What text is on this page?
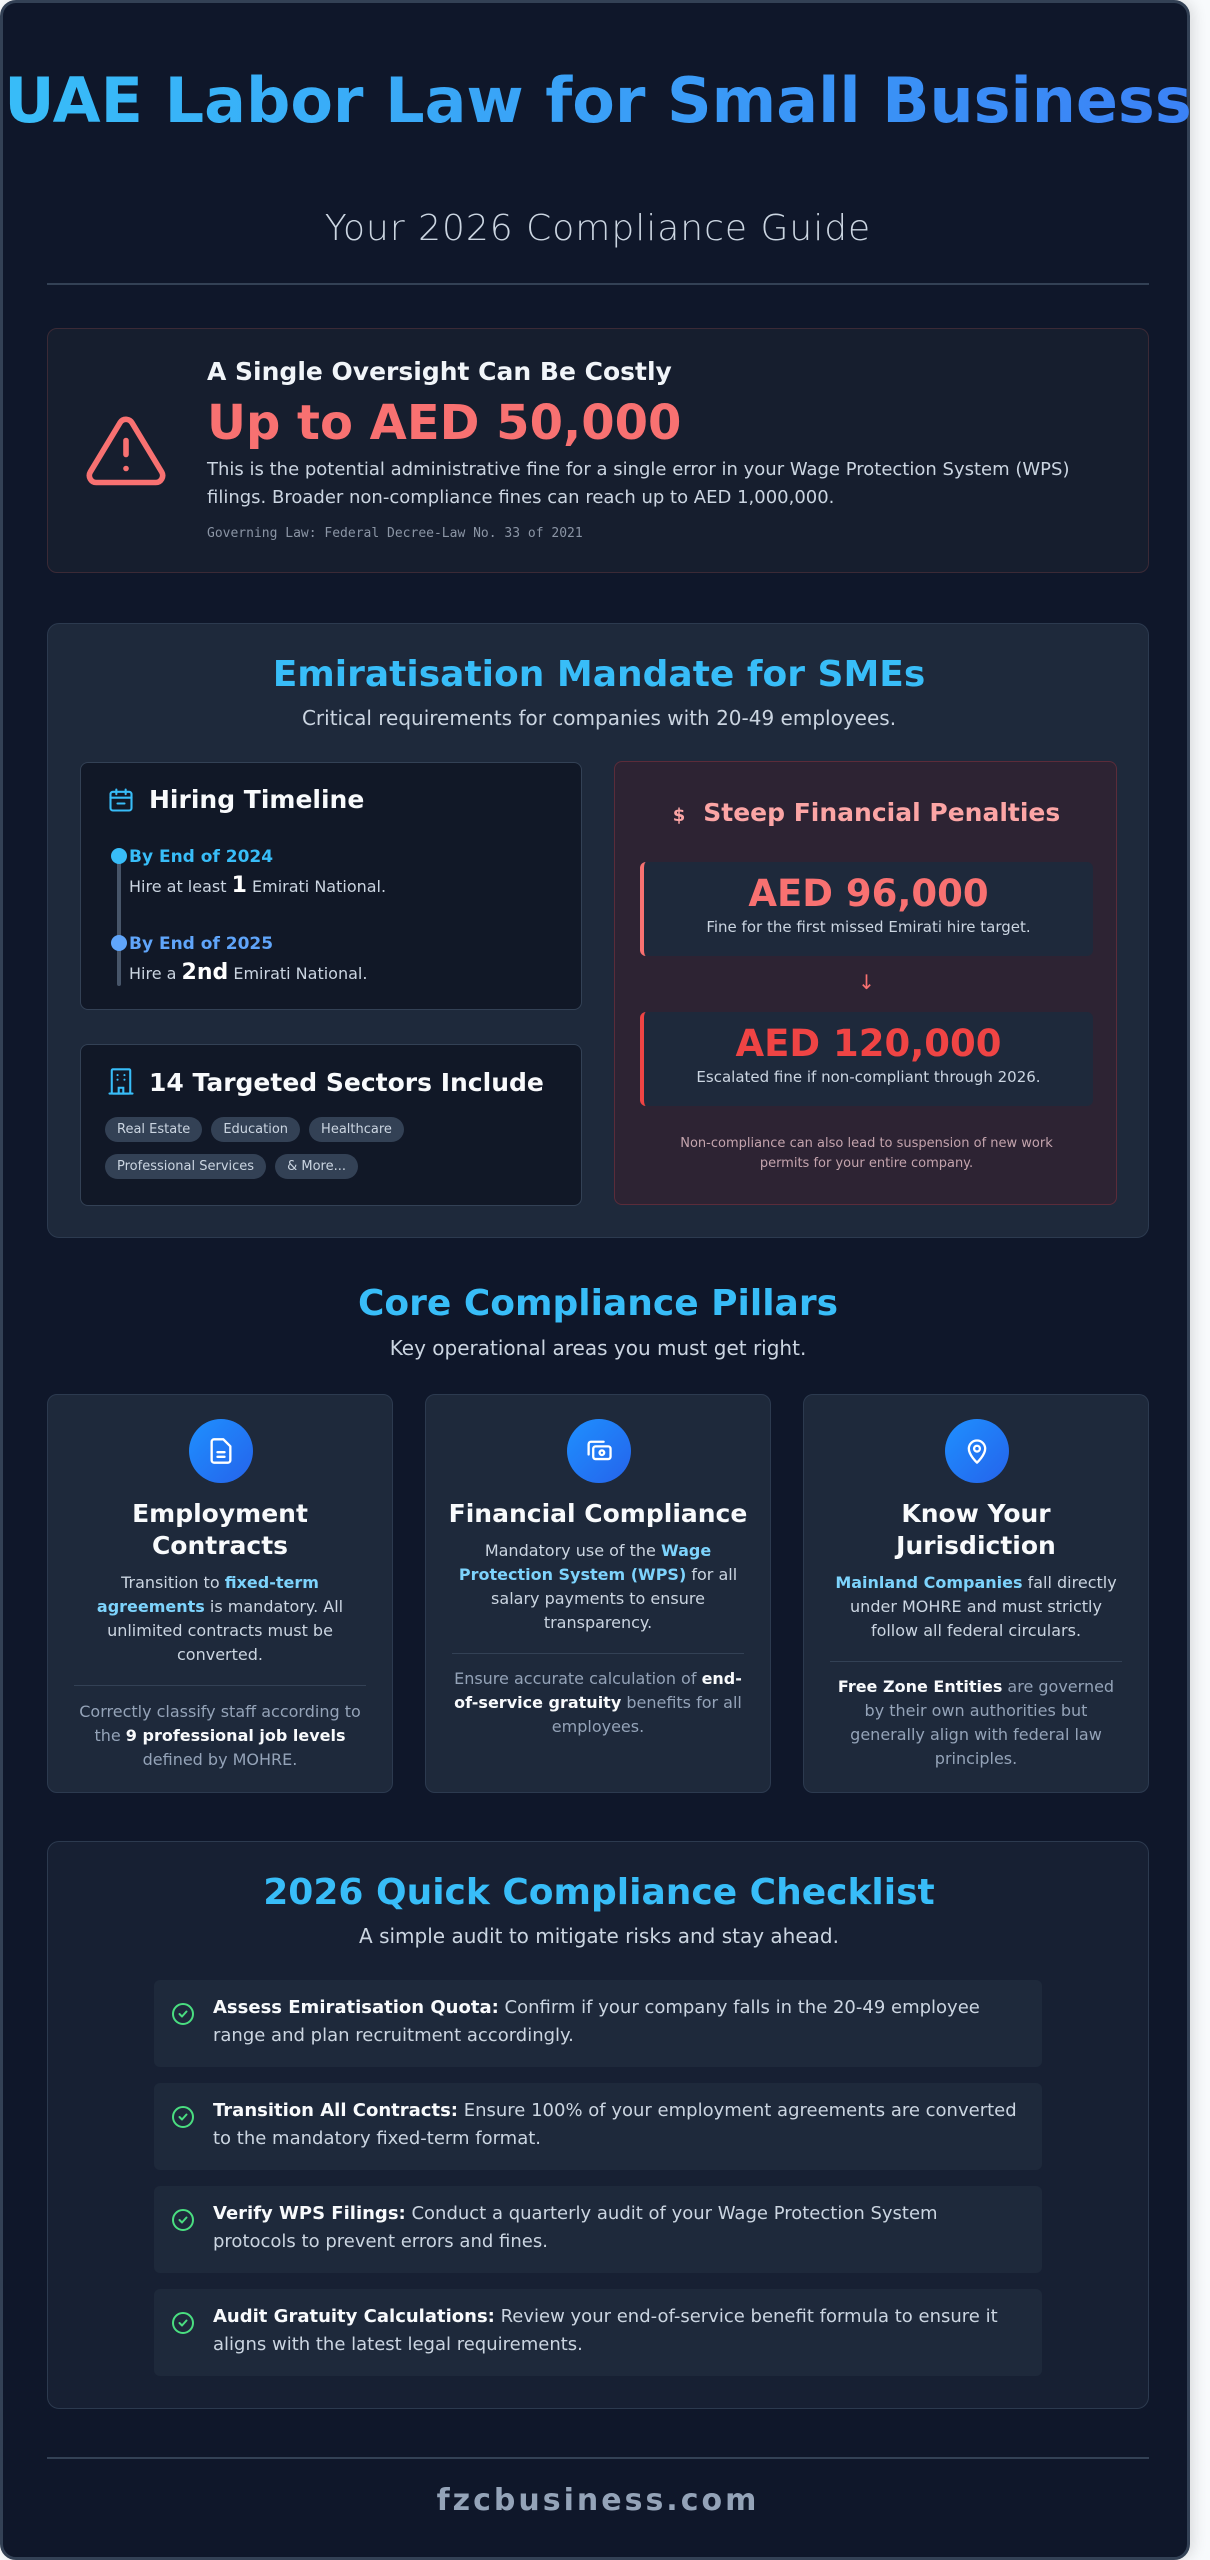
UAE Labor Law for Small Business
Your 2026 Compliance Guide
A Single Oversight Can Be Costly
Up to AED 50,000
This is the potential administrative fine for a single error in your Wage Protection System (WPS) filings. Broader non-compliance fines can reach up to AED 1,000,000.
Governing Law: Federal Decree-Law No. 33 of 2021
Emiratisation Mandate for SMEs
Critical requirements for companies with 20-49 employees.
Hiring Timeline
By End of 2024
Hire at least 1 Emirati National.
By End of 2025
Hire a 2nd Emirati National.
14 Targeted Sectors Include
Real Estate	Education	Healthcare
Professional Services	& More...
$ Steep Financial Penalties
AED 96,000
Fine for the first missed Emirati hire target.
↓
AED 120,000
Escalated fine if non-compliant through 2026.
Non-compliance can also lead to suspension of new work permits for your entire company.
Core Compliance Pillars
Key operational areas you must get right.
Employment Contracts
Transition to fixed-term agreements is mandatory. All unlimited contracts must be converted.
Correctly classify staff according to the 9 professional job levels defined by MOHRE.
Financial Compliance
Mandatory use of the Wage Protection System (WPS) for all salary payments to ensure transparency.
Ensure accurate calculation of end-of-service gratuity benefits for all employees.
Know Your Jurisdiction
Mainland Companies fall directly under MOHRE and must strictly follow all federal circulars.
Free Zone Entities are governed by their own authorities but generally align with federal law principles.
2026 Quick Compliance Checklist
A simple audit to mitigate risks and stay ahead.
Assess Emiratisation Quota: Confirm if your company falls in the 20-49 employee range and plan recruitment accordingly.
Transition All Contracts: Ensure 100% of your employment agreements are converted to the mandatory fixed-term format.
Verify WPS Filings: Conduct a quarterly audit of your Wage Protection System protocols to prevent errors and fines.
Audit Gratuity Calculations: Review your end-of-service benefit formula to ensure it aligns with the latest legal requirements.
fzcbusiness.com
